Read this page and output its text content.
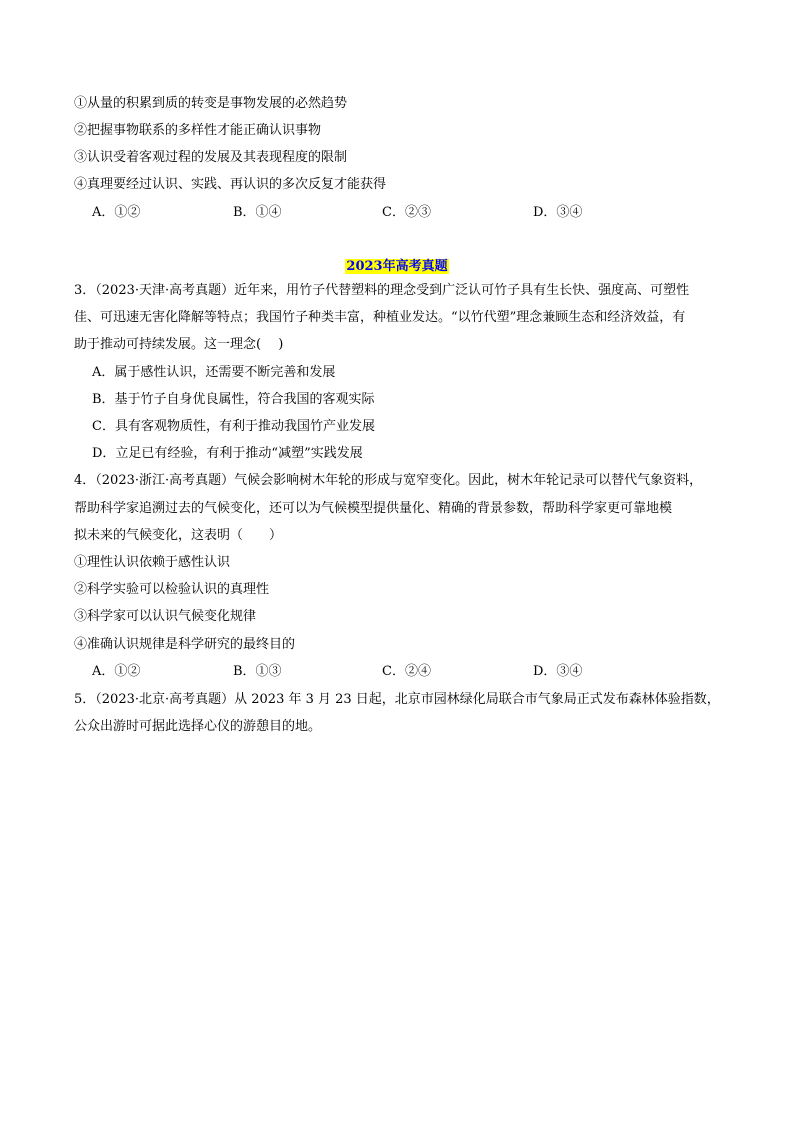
①从量的积累到质的转变是事物发展的必然趋势
②把握事物联系的多样性才能正确认识事物
③认识受着客观过程的发展及其表现程度的限制
④真理要经过认识、实践、再认识的多次反复才能获得
A．①②	B．①④	C．②③	D．③④
2023年高考真题
3．（2023·天津·高考真题）近年来，用竹子代替塑料的理念受到广泛认可竹子具有生长快、强度高、可塑性
佳、可迅速无害化降解等特点；我国竹子种类丰富，种植业发达。“以竹代塑”理念兼顾生态和经济效益，有
助于推动可持续发展。这一理念(　 )
A．属于感性认识，还需要不断完善和发展
B．基于竹子自身优良属性，符合我国的客观实际
C．具有客观物质性，有利于推动我国竹产业发展
D．立足已有经验，有利于推动“减塑”实践发展
4．（2023·浙江·高考真题）气候会影响树木年轮的形成与宽窄变化。因此，树木年轮记录可以替代气象资料，
帮助科学家追溯过去的气候变化，还可以为气候模型提供量化、精确的背景参数，帮助科学家更可靠地模
拟未来的气候变化，这表明（　　）
①理性认识依赖于感性认识
②科学实验可以检验认识的真理性
③科学家可以认识气候变化规律
④准确认识规律是科学研究的最终目的
A．①②	B．①③	C．②④	D．③④
5．（2023·北京·高考真题）从 2023 年 3 月 23 日起，北京市园林绿化局联合市气象局正式发布森林体验指数，
公众出游时可据此选择心仪的游憩目的地。
